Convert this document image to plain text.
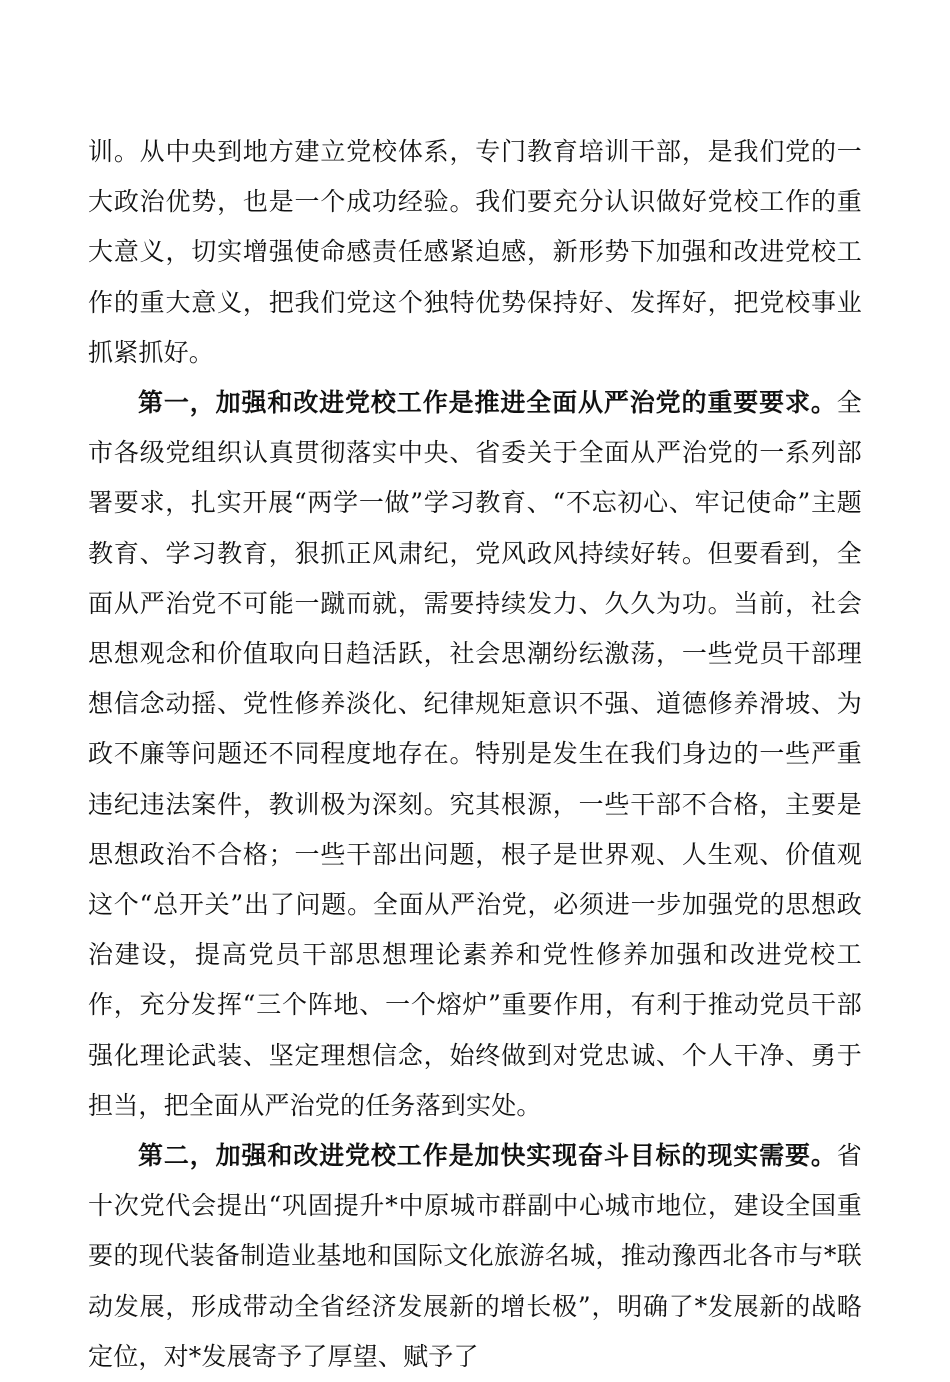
训。从中央到地方建立党校体系，专门教育培训干部，是我们党的一大政治优势，也是一个成功经验。我们要充分认识做好党校工作的重大意义，切实增强使命感责任感紧迫感，新形势下加强和改进党校工作的重大意义，把我们党这个独特优势保持好、发挥好，把党校事业抓紧抓好。

第一，加强和改进党校工作是推进全面从严治党的重要要求。全市各级党组织认真贯彻落实中央、省委关于全面从严治党的一系列部署要求，扎实开展“两学一做”学习教育、“不忘初心、牢记使命”主题教育、学习教育，狠抓正风肃纪，党风政风持续好转。但要看到，全面从严治党不可能一蹴而就，需要持续发力、久久为功。当前，社会思想观念和价值取向日趋活跃，社会思潮纷纭激荡，一些党员干部理想信念动摇、党性修养淡化、纪律规矩意识不强、道德修养滑坡、为政不廉等问题还不同程度地存在。特别是发生在我们身边的一些严重违纪违法案件，教训极为深刻。究其根源，一些干部不合格，主要是思想政治不合格；一些干部出问题，根子是世界观、人生观、价值观这个“总开关”出了问题。全面从严治党，必须进一步加强党的思想政治建设，提高党员干部思想理论素养和党性修养加强和改进党校工作，充分发挥“三个阵地、一个熔炉”重要作用，有利于推动党员干部强化理论武装、坚定理想信念，始终做到对党忠诚、个人干净、勇于担当，把全面从严治党的任务落到实处。

第二，加强和改进党校工作是加快实现奋斗目标的现实需要。省十次党代会提出“巩固提升*中原城市群副中心城市地位，建设全国重要的现代装备制造业基地和国际文化旅游名城，推动豫西北各市与*联动发展，形成带动全省经济发展新的增长极”，明确了*发展新的战略定位，对*发展寄予了厚望、赋予了
